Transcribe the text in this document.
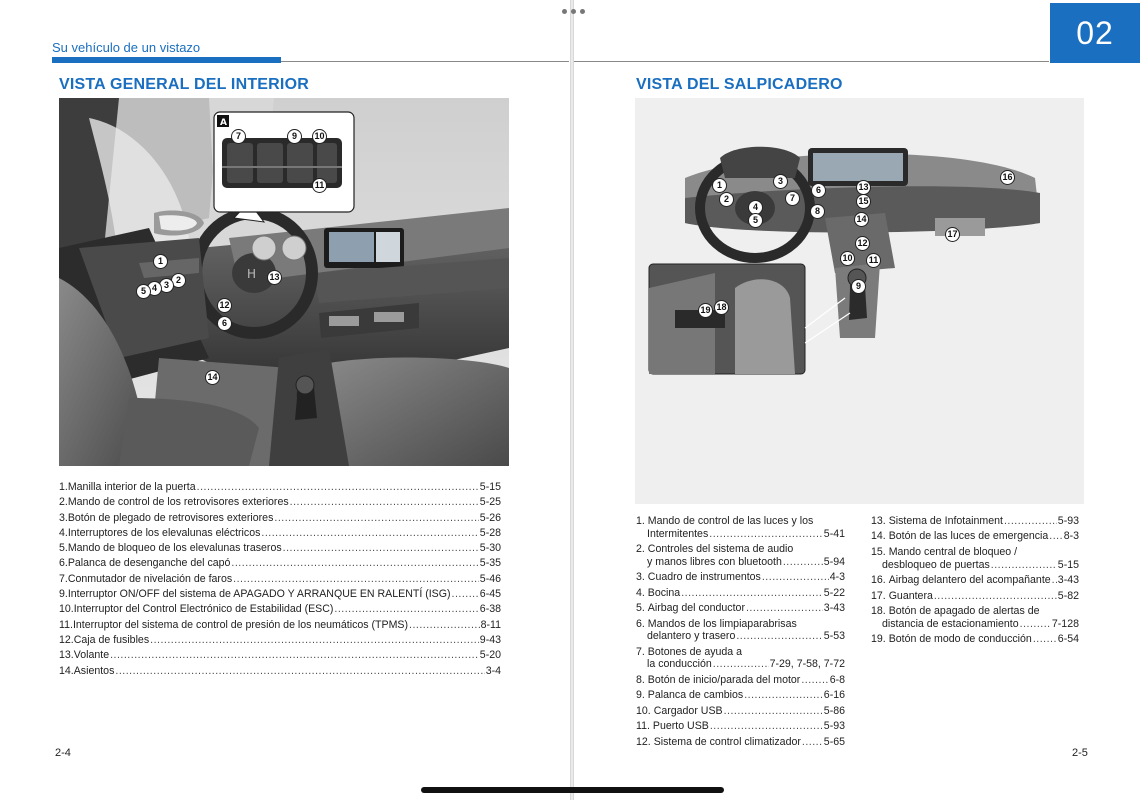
Su vehículo de un vistazo
VISTA GENERAL DEL INTERIOR
H
A
7	9	10
11
1
2
3
4
5
13
12
6
14
1. Manilla interior de la puerta .....	5-15
2. Mando de control de los retrovisores exteriores .....	5-25
3. Botón de plegado de retrovisores exteriores .....	5-26
4. Interruptores de los elevalunas eléctricos .....	5-28
5. Mando de bloqueo de los elevalunas traseros .....	5-30
6. Palanca de desenganche del capó .....	5-35
7. Conmutador de nivelación de faros .....	5-46
9. Interruptor ON/OFF del sistema de APAGADO Y ARRANQUE EN RALENTÍ (ISG) .....	6-45
10. Interruptor del Control Electrónico de Estabilidad (ESC) .....	6-38
11. Interruptor del sistema de control de presión de los neumáticos (TPMS) .....	8-11
12. Caja de fusibles .....	9-43
13. Volante .....	5-20
14. Asientos .....	3-4
2-4
02
VISTA DEL SALPICADERO
1
2
3
4
5
6
7
8
9
10	11
12
13
14
15
16
17
18
19
1. Mando de control de las luces y los
Intermitentes .....	5-41
2. Controles del sistema de audio
y manos libres con bluetooth .....	5-94
3.
Cuadro de instrumentos .....	4-3
4.
Bocina .....	5-22
5.
Airbag del conductor .....	3-43
6. Mandos de los limpiaparabrisas
delantero y trasero .....	5-53
7. Botones de ayuda a
la conducción .....	7-29, 7-58, 7-72
8.
Botón de inicio/parada del motor .....	6-8
9.
Palanca de cambios .....	6-16
10.
Cargador USB .....	5-86
11.
Puerto USB .....	5-93
12.
Sistema de control climatizador ..... 5-65
13.
Sistema de Infotainment .....	5-93
14.
Botón de las luces de emergencia ..... 8-3
15. Mando central de bloqueo /
desbloqueo de puertas .....	5-15
16.
Airbag delantero del acompañante ..... 3-43
17.
Guantera .....	5-82
18. Botón de apagado de alertas de
distancia de estacionamiento .....	7-128
19.
Botón de modo de conducción ..... 6-54
2-5
